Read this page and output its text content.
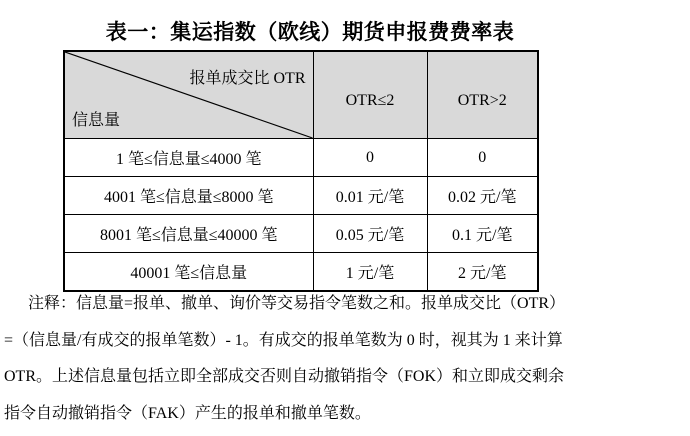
表一：集运指数（欧线）期货申报费费率表
报单成交比 OTR
信息量	OTR≤2	OTR>2
1 笔≤信息量≤4000 笔	0	0
4001 笔≤信息量≤8000 笔	0.01 元/笔	0.02 元/笔
8001 笔≤信息量≤40000 笔	0.05 元/笔	0.1 元/笔
40001 笔≤信息量	1 元/笔	2 元/笔
注释：信息量=报单、撤单、询价等交易指令笔数之和。报单成交比（OTR）
=（信息量/有成交的报单笔数）- 1。有成交的报单笔数为 0 时，视其为 1 来计算
OTR。上述信息量包括立即全部成交否则自动撤销指令（FOK）和立即成交剩余
指令自动撤销指令（FAK）产生的报单和撤单笔数。
